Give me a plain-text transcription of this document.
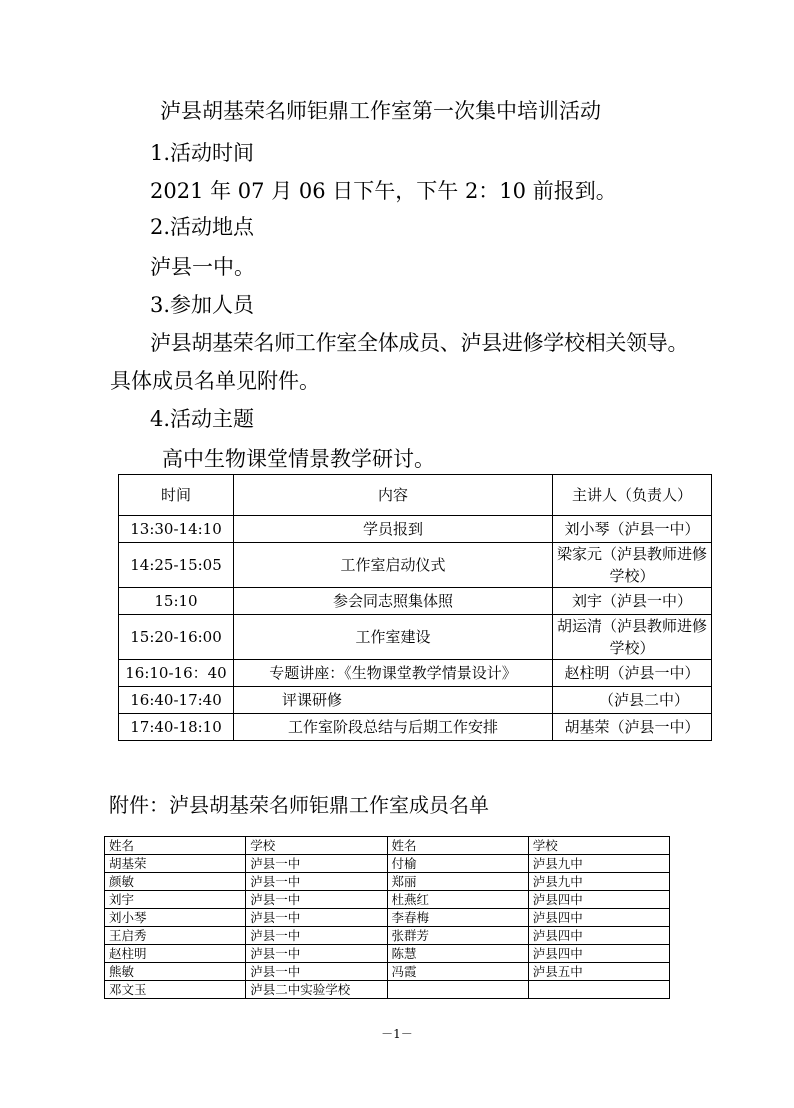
泸县胡基荣名师钜鼎工作室第一次集中培训活动
1.活动时间
2021 年 07 月 06 日下午，下午 2：10 前报到。
2.活动地点
泸县一中。
3.参加人员
泸县胡基荣名师工作室全体成员、泸县进修学校相关领导。
具体成员名单见附件。
4.活动主题
高中生物课堂情景教学研讨。
时间	内容	主讲人（负责人）
13:30-14:10	学员报到	刘小琴（泸县一中）
14:25-15:05	工作室启动仪式	梁家元（泸县教师进修
学校）
15:10	参会同志照集体照	刘宇（泸县一中）
15:20-16:00	工作室建设	胡运清（泸县教师进修
学校）
16:10-16：40	专题讲座：《生物课堂教学情景设计》	赵柱明（泸县一中）
16:40-17:40	评课研修	（泸县二中）
17:40-18:10	工作室阶段总结与后期工作安排	胡基荣（泸县一中）
附件：泸县胡基荣名师钜鼎工作室成员名单
姓名	学校	姓名	学校
胡基荣	泸县一中	付榆	泸县九中
颜敏	泸县一中	郑丽	泸县九中
刘宇	泸县一中	杜燕红	泸县四中
刘小琴	泸县一中	李春梅	泸县四中
王启秀	泸县一中	张群芳	泸县四中
赵柱明	泸县一中	陈慧	泸县四中
熊敏	泸县一中	冯霞	泸县五中
邓文玉	泸县二中实验学校		
－1－
